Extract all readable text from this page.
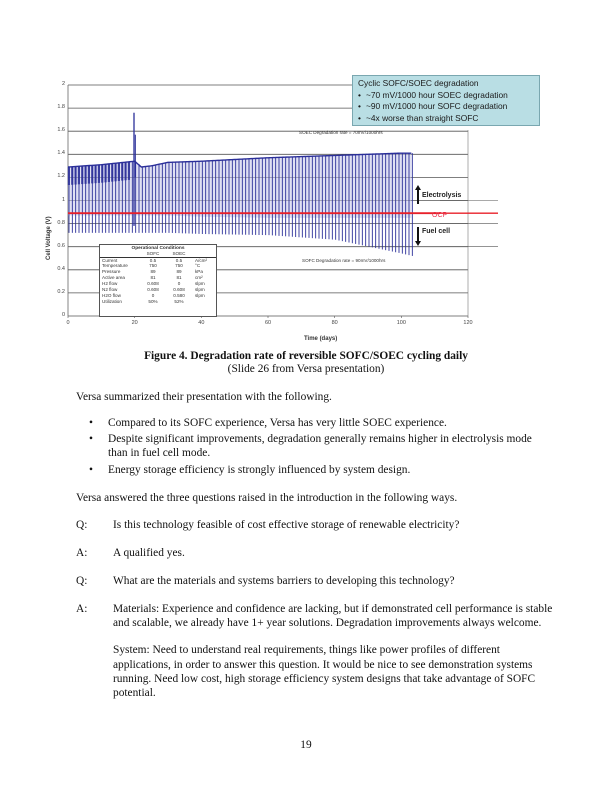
0
0.2
0.4
0.6
0.8
1
1.2
1.4
1.6
1.8
2
0	20	40	60	80	100	120
Cell Voltage (V)
Time (days)
Cyclic SOFC/SOEC degradation
• ~70 mV/1000 hour SOEC degradation
• ~90 mV/1000 hour SOFC degradation
• ~4x worse than straight SOFC
SOEC Degradation rate = 70mV/1000hrs
SOFC Degradation rate = 90mV/1000hrs
Electrolysis
OCP
Fuel cell
Operational Conditions
SOFC	SOEC
Current	0.5	0.5	A/cm²
Temperature	750	750	°C
Pressure	89	89	kPa
Active area	81	81	cm²
H2 flow	0.608	0	slpm
N2 flow	0.608	0.608	slpm
H2O flow	0	0.580	slpm
Utilization	50%	52%
Figure 4. Degradation rate of reversible SOFC/SOEC cycling daily
(Slide 26 from Versa presentation)
Versa summarized their presentation with the following.
• Compared to its SOFC experience, Versa has very little SOEC experience.
• Despite significant improvements, degradation generally remains higher in electrolysis mode than in fuel cell mode.
• Energy storage efficiency is strongly influenced by system design.
Versa answered the three questions raised in the introduction in the following ways.
Q:	Is this technology feasible of cost effective storage of renewable electricity?
A:	A qualified yes.
Q:	What are the materials and systems barriers to developing this technology?
A:	Materials: Experience and confidence are lacking, but if demonstrated cell performance is stable and scalable, we already have 1+ year solutions. Degradation improvements always welcome.

System: Need to understand real requirements, things like power profiles of different applications, in order to answer this question. It would be nice to see demonstration systems running. Need low cost, high storage efficiency system designs that take advantage of SOFC potential.

19
